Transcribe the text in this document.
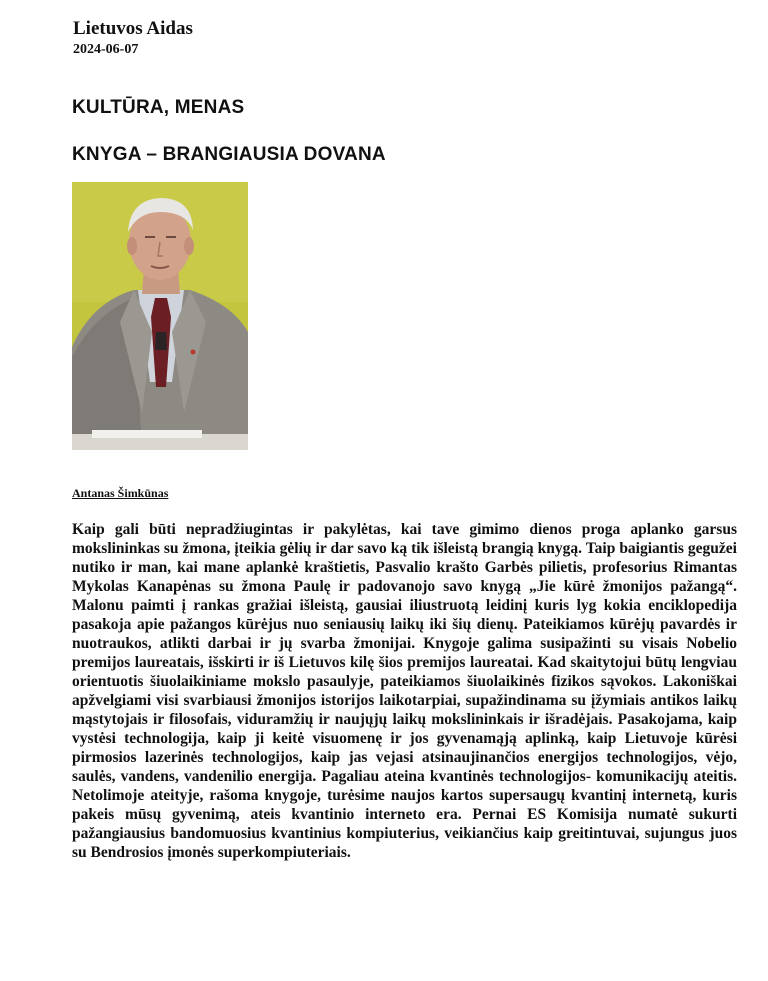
Lietuvos Aidas
2024-06-07
KULTŪRA, MENAS
KNYGA – BRANGIAUSIA DOVANA
Antanas Šimkūnas
Kaip gali būti nepradžiugintas ir pakylėtas, kai tave gimimo dienos proga aplanko garsus mokslininkas su žmona, įteikia gėlių ir dar savo ką tik išleistą brangią knygą. Taip baigiantis gegužei nutiko ir man, kai mane aplankė kraštietis, Pasvalio krašto Garbės pilietis, profesorius Rimantas Mykolas Kanapėnas su žmona Paulę ir padovanojo savo knygą „Jie kūrė žmonijos pažangą“. Malonu paimti į rankas gražiai išleistą, gausiai iliustruotą leidinį kuris lyg kokia enciklopedija pasakoja apie pažangos kūrėjus nuo seniausių laikų iki šių dienų. Pateikiamos kūrėjų pavardės ir nuotraukos, atlikti darbai ir jų svarba žmonijai. Knygoje galima susipažinti su visais Nobelio premijos laureatais, išskirti ir iš Lietuvos kilę šios premijos laureatai. Kad skaitytojui būtų lengviau orientuotis šiuolaikiniame mokslo pasaulyje, pateikiamos šiuolaikinės fizikos sąvokos. Lakoniškai apžvelgiami visi svarbiausi žmonijos istorijos laikotarpiai, supažindinama su įžymiais antikos laikų mąstytojais ir filosofais, viduramžių ir naujųjų laikų mokslininkais ir išradėjais. Pasakojama, kaip vystėsi technologija, kaip ji keitė visuomenę ir jos gyvenamąją aplinką, kaip Lietuvoje kūrėsi pirmosios lazerinės technologijos, kaip jas vejasi atsinaujinančios energijos technologijos, vėjo, saulės, vandens, vandenilio energija. Pagaliau ateina kvantinės technologijos- komunikacijų ateitis. Netolimoje ateityje, rašoma knygoje, turėsime naujos kartos supersaugų kvantinį internetą, kuris pakeis mūsų gyvenimą, ateis kvantinio interneto era. Pernai ES Komisija numatė sukurti pažangiausius bandomuosius kvantinius kompiuterius, veikiančius kaip greitintuvai, sujungus juos su Bendrosios įmonės superkompiuteriais.
